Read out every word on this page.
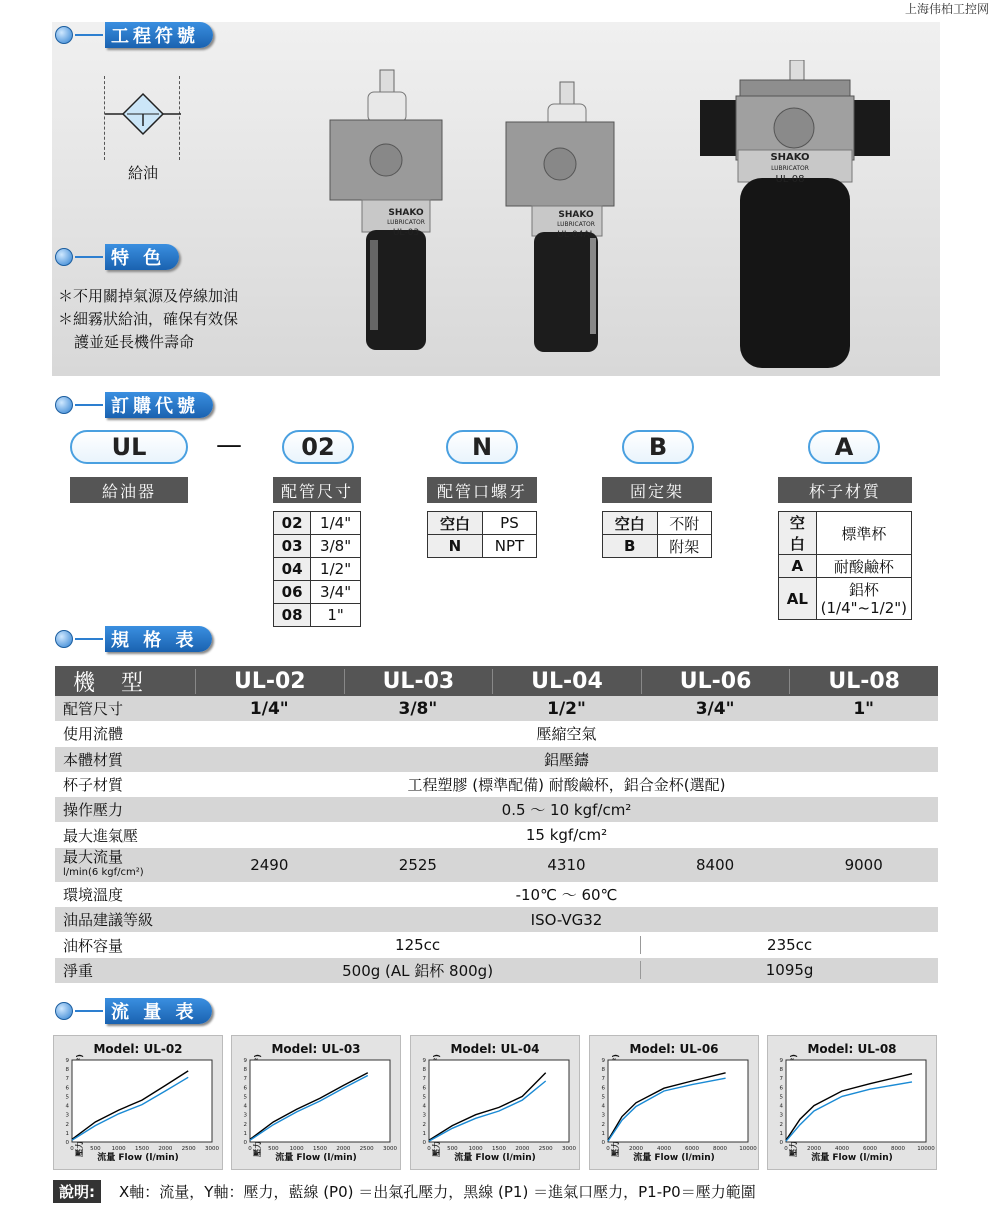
上海伟柏工控网
工程符號
給油
SHAKO
LUBRICATOR
UL-03
SHAKO
LUBRICATOR
UL-04AL
SHAKO
LUBRICATOR
UL-08
特 色
＊不用關掉氣源及停線加油
＊細霧狀給油，確保有效保
護並延長機件壽命
訂購代號
UL
給油器
—	02
配管尺寸
02	1/4"
03	3/8"
04	1/2"
06	3/4"
08	1"
N
配管口螺牙
空白	PS
N	NPT
B
固定架
空白	不附
B	附架
A
杯子材質
空白	標準杯
A	耐酸鹼杯
AL	鋁杯
(1/4"~1/2")
規 格 表
機型	UL-02	UL-03	UL-04	UL-06	UL-08
配管尺寸	1/4"	3/8"	1/2"	3/4"	1"
使用流體	壓縮空氣
本體材質	鋁壓鑄
杯子材質	工程塑膠 (標準配備) 耐酸鹼杯，鋁合金杯(選配)
操作壓力	0.5 ～ 10 kgf/cm²
最大進氣壓	15 kgf/cm²
最大流量
l/min(6 kgf/cm²)	2490	2525	4310	8400	9000
環境溫度	-10℃ ～ 60℃
油品建議等級	ISO-VG32
油杯容量	125cc	235cc
淨重	500g (AL 鋁杯 800g)	1095g
流 量 表
Model: UL-02
0	500 1000 1500 2000 2500 3000
0
1
2
3
4
5
6
7
8
9
流量 Flow (l/min)
Model: UL-03
0	500 1000 1500 2000 2500 3000
0
1
2
3
4
5
6
7
8
9
流量 Flow (l/min)
Model: UL-04
0	500 1000 1500 2000 2500 3000
0
1
2
3
4
5
6
7
8
9
流量 Flow (l/min)
Model: UL-06
0	2000	4000	6000	8000 10000
0
1
2
3
4
5
6
7
8
9
流量 Flow (l/min)
Model: UL-08
0	2000	4000	6000	8000 10000
0
1
2
3
4
5
6
7
8
9
流量 Flow (l/min)
說明:	X軸：流量，Y軸：壓力，藍線 (P0) ＝出氣孔壓力，黑線 (P1) ＝進氣口壓力，P1-P0＝壓力範圍
